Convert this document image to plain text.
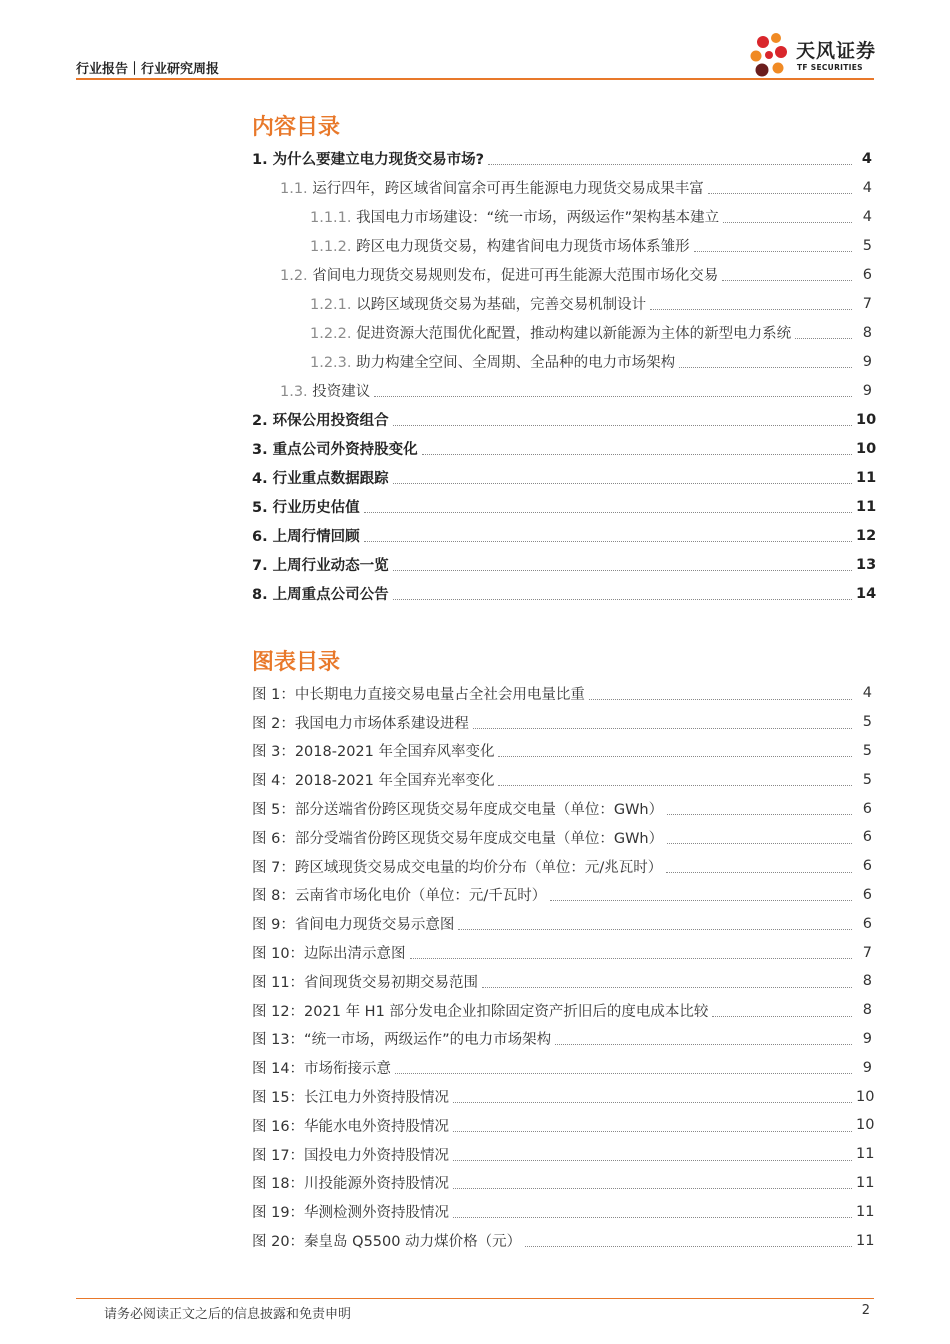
行业报告｜行业研究周报
天风证券
TF SECURITIES
内容目录
1. 为什么要建立电力现货交易市场?	4
1.1. 运行四年，跨区域省间富余可再生能源电力现货交易成果丰富	4
1.1.1. 我国电力市场建设：“统一市场，两级运作”架构基本建立	4
1.1.2. 跨区电力现货交易，构建省间电力现货市场体系雏形	5
1.2. 省间电力现货交易规则发布，促进可再生能源大范围市场化交易	6
1.2.1. 以跨区域现货交易为基础，完善交易机制设计	7
1.2.2. 促进资源大范围优化配置，推动构建以新能源为主体的新型电力系统	8
1.2.3. 助力构建全空间、全周期、全品种的电力市场架构	9
1.3. 投资建议	9
2. 环保公用投资组合	10
3. 重点公司外资持股变化	10
4. 行业重点数据跟踪	11
5. 行业历史估值	11
6. 上周行情回顾	12
7. 上周行业动态一览	13
8. 上周重点公司公告	14
图表目录
图 1：中长期电力直接交易电量占全社会用电量比重	4
图 2：我国电力市场体系建设进程	5
图 3：2018-2021 年全国弃风率变化	5
图 4：2018-2021 年全国弃光率变化	5
图 5：部分送端省份跨区现货交易年度成交电量（单位：GWh）	6
图 6：部分受端省份跨区现货交易年度成交电量（单位：GWh）	6
图 7：跨区域现货交易成交电量的均价分布（单位：元/兆瓦时）	6
图 8：云南省市场化电价（单位：元/千瓦时）	6
图 9：省间电力现货交易示意图	6
图 10：边际出清示意图	7
图 11：省间现货交易初期交易范围	8
图 12：2021 年 H1 部分发电企业扣除固定资产折旧后的度电成本比较	8
图 13：“统一市场，两级运作”的电力市场架构	9
图 14：市场衔接示意	9
图 15：长江电力外资持股情况	10
图 16：华能水电外资持股情况	10
图 17：国投电力外资持股情况	11
图 18：川投能源外资持股情况	11
图 19：华测检测外资持股情况	11
图 20：秦皇岛 Q5500 动力煤价格（元）	11
请务必阅读正文之后的信息披露和免责申明	2
